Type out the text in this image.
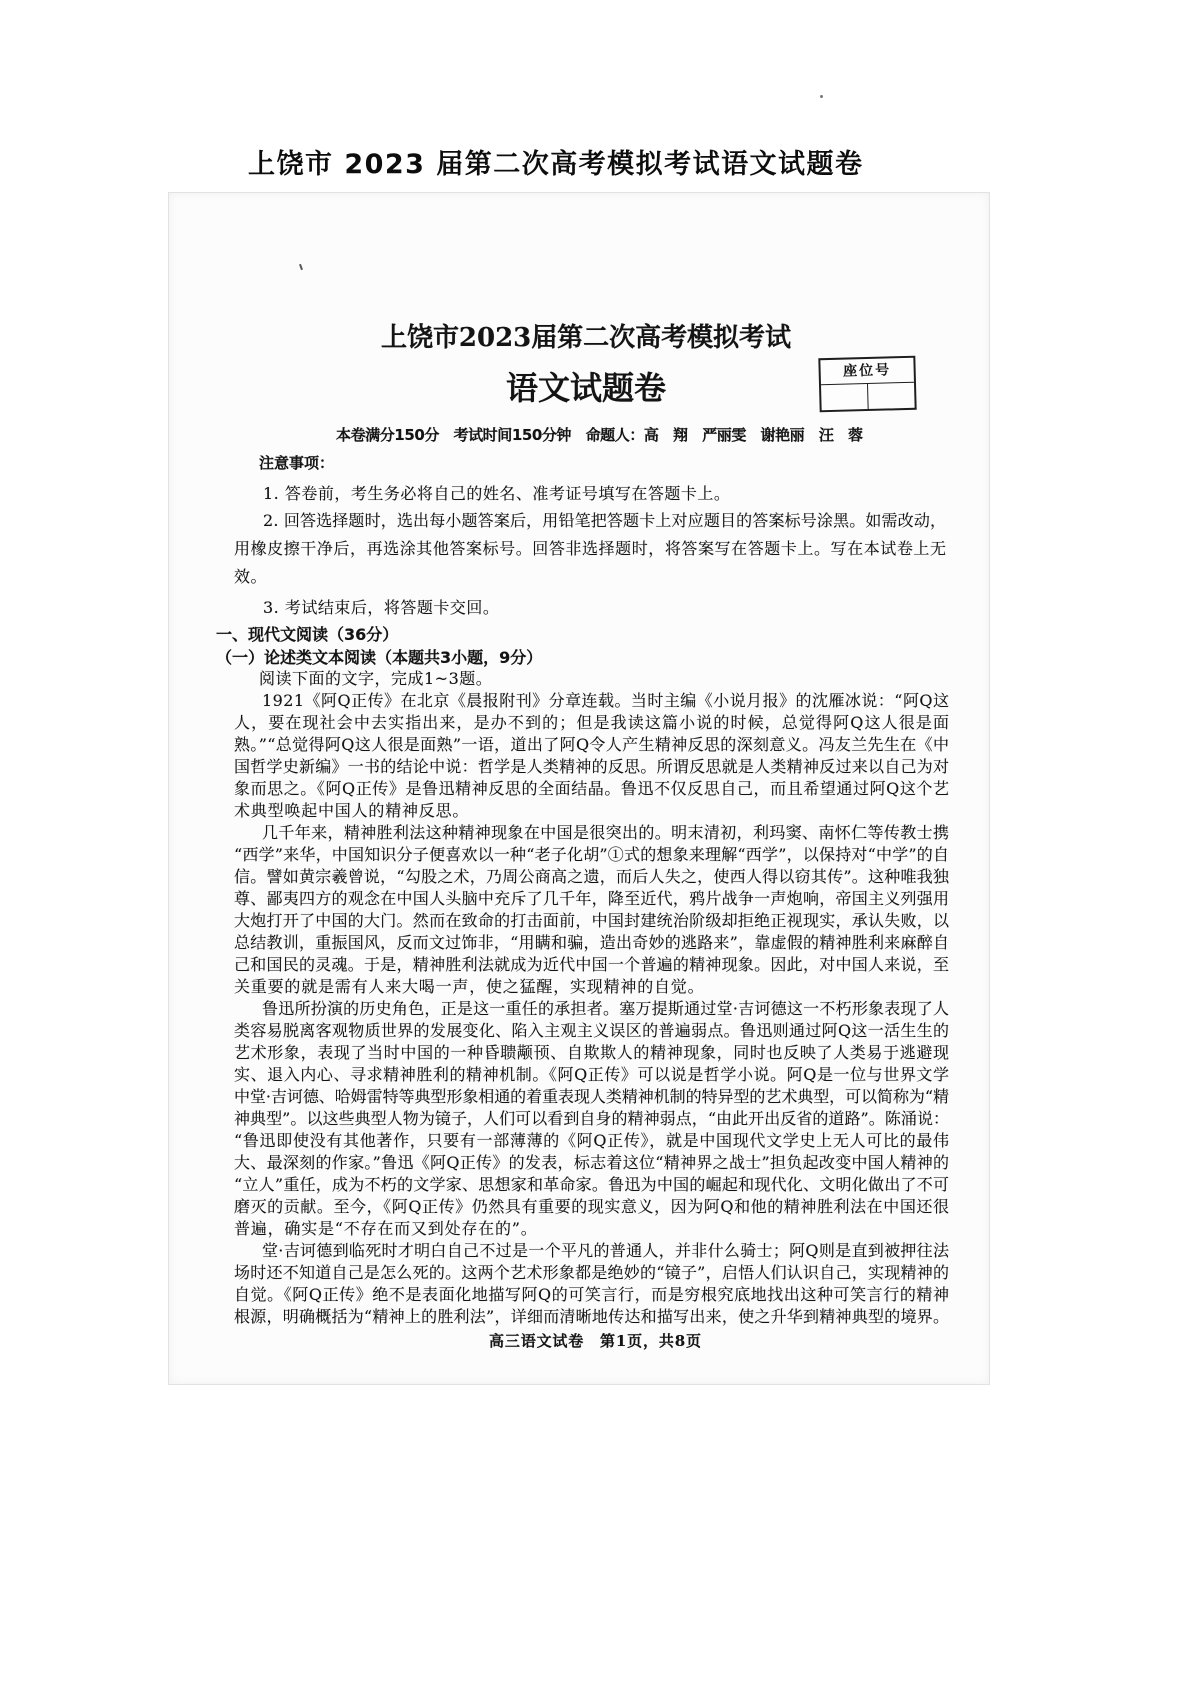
上饶市 2023 届第二次高考模拟考试语文试题卷
上饶市2023届第二次高考模拟考试
语文试题卷	座位号
本卷满分150分　考试时间150分钟　命题人：高　翔　严丽雯　谢艳丽　汪　蓉
注意事项：
1. 答卷前，考生务必将自己的姓名、准考证号填写在答题卡上。
2. 回答选择题时，选出每小题答案后，用铅笔把答题卡上对应题目的答案标号涂黑。如需改动，
用橡皮擦干净后，再选涂其他答案标号。回答非选择题时，将答案写在答题卡上。写在本试卷上无
效。
3. 考试结束后，将答题卡交回。
一、现代文阅读（36分）
（一）论述类文本阅读（本题共3小题，9分）
阅读下面的文字，完成1~3题。
1921《阿Q正传》在北京《晨报附刊》分章连载。当时主编《小说月报》的沈雁冰说：“阿Q这
人，要在现社会中去实指出来，是办不到的；但是我读这篇小说的时候，总觉得阿Q这人很是面
熟。”“总觉得阿Q这人很是面熟”一语，道出了阿Q令人产生精神反思的深刻意义。冯友兰先生在《中
国哲学史新编》一书的结论中说：哲学是人类精神的反思。所谓反思就是人类精神反过来以自己为对
象而思之。《阿Q正传》是鲁迅精神反思的全面结晶。鲁迅不仅反思自己，而且希望通过阿Q这个艺
术典型唤起中国人的精神反思。
几千年来，精神胜利法这种精神现象在中国是很突出的。明末清初，利玛窦、南怀仁等传教士携
“西学”来华，中国知识分子便喜欢以一种“老子化胡”①式的想象来理解“西学”，以保持对“中学”的自
信。譬如黄宗羲曾说，“勾股之术，乃周公商高之遗，而后人失之，使西人得以窃其传”。这种唯我独
尊、鄙夷四方的观念在中国人头脑中充斥了几千年，降至近代，鸦片战争一声炮响，帝国主义列强用
大炮打开了中国的大门。然而在致命的打击面前，中国封建统治阶级却拒绝正视现实，承认失败，以
总结教训，重振国风，反而文过饰非，“用瞒和骗，造出奇妙的逃路来”，靠虚假的精神胜利来麻醉自
己和国民的灵魂。于是，精神胜利法就成为近代中国一个普遍的精神现象。因此，对中国人来说，至
关重要的就是需有人来大喝一声，使之猛醒，实现精神的自觉。
鲁迅所扮演的历史角色，正是这一重任的承担者。塞万提斯通过堂·吉诃德这一不朽形象表现了人
类容易脱离客观物质世界的发展变化、陷入主观主义误区的普遍弱点。鲁迅则通过阿Q这一活生生的
艺术形象，表现了当时中国的一种昏聩颟顸、自欺欺人的精神现象，同时也反映了人类易于逃避现
实、退入内心、寻求精神胜利的精神机制。《阿Q正传》可以说是哲学小说。阿Q是一位与世界文学
中堂·吉诃德、哈姆雷特等典型形象相通的着重表现人类精神机制的特异型的艺术典型，可以简称为“精
神典型”。以这些典型人物为镜子，人们可以看到自身的精神弱点，“由此开出反省的道路”。陈涌说：
“鲁迅即使没有其他著作，只要有一部薄薄的《阿Q正传》，就是中国现代文学史上无人可比的最伟
大、最深刻的作家。”鲁迅《阿Q正传》的发表，标志着这位“精神界之战士”担负起改变中国人精神的
“立人”重任，成为不朽的文学家、思想家和革命家。鲁迅为中国的崛起和现代化、文明化做出了不可
磨灭的贡献。至今，《阿Q正传》仍然具有重要的现实意义，因为阿Q和他的精神胜利法在中国还很
普遍，确实是“不存在而又到处存在的”。
堂·吉诃德到临死时才明白自己不过是一个平凡的普通人，并非什么骑士；阿Q则是直到被押往法
场时还不知道自己是怎么死的。这两个艺术形象都是绝妙的“镜子”，启悟人们认识自己，实现精神的
自觉。《阿Q正传》绝不是表面化地描写阿Q的可笑言行，而是穷根究底地找出这种可笑言行的精神
根源，明确概括为“精神上的胜利法”，详细而清晰地传达和描写出来，使之升华到精神典型的境界。
高三语文试卷　第1页，共8页
